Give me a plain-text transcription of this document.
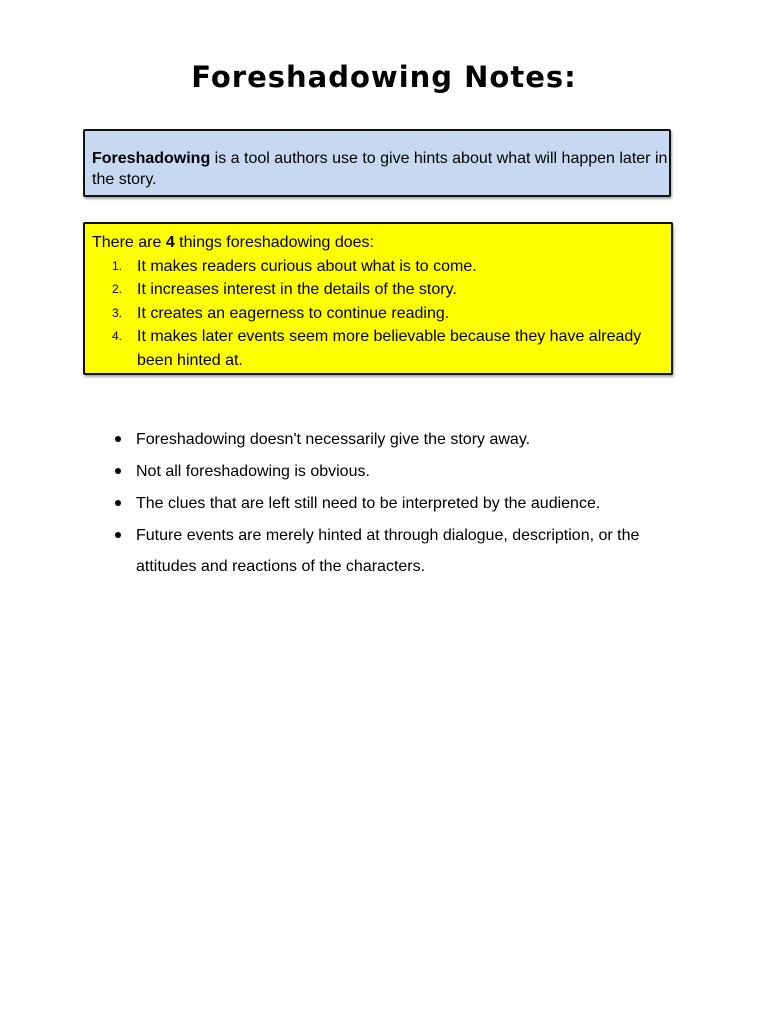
Foreshadowing Notes:
Foreshadowing is a tool authors use to give hints about what will happen later in the story.
There are 4 things foreshadowing does:
1. It makes readers curious about what is to come.
2. It increases interest in the details of the story.
3. It creates an eagerness to continue reading.
4. It makes later events seem more believable because they have already been hinted at.
Foreshadowing doesn't necessarily give the story away.
Not all foreshadowing is obvious.
The clues that are left still need to be interpreted by the audience.
Future events are merely hinted at through dialogue, description, or the attitudes and reactions of the characters.
